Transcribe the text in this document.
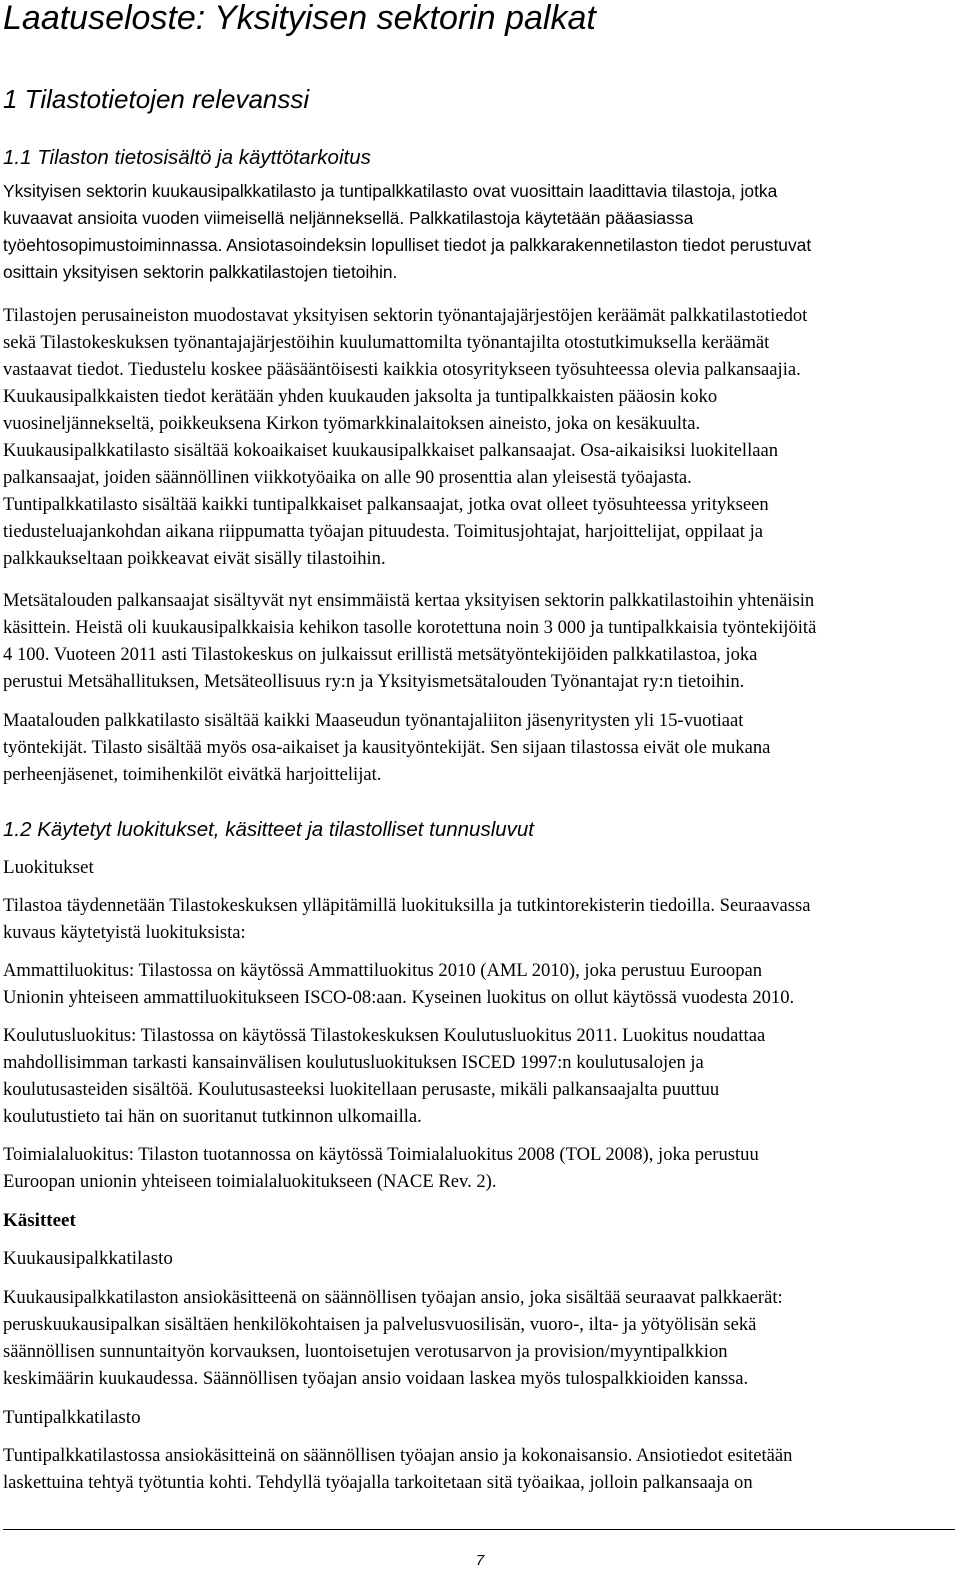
Laatuseloste: Yksityisen sektorin palkat
1 Tilastotietojen relevanssi
1.1 Tilaston tietosisältö ja käyttötarkoitus
Yksityisen sektorin kuukausipalkkatilasto ja tuntipalkkatilasto ovat vuosittain laadittavia tilastoja, jotka
kuvaavat ansioita vuoden viimeisellä neljänneksellä. Palkkatilastoja käytetään pääasiassa
työehtosopimustoiminnassa. Ansiotasoindeksin lopulliset tiedot ja palkkarakennetilaston tiedot perustuvat
osittain yksityisen sektorin palkkatilastojen tietoihin.
Tilastojen perusaineiston muodostavat yksityisen sektorin työnantajajärjestöjen keräämät palkkatilastotiedot
sekä Tilastokeskuksen työnantajajärjestöihin kuulumattomilta työnantajilta otostutkimuksella keräämät
vastaavat tiedot. Tiedustelu koskee pääsääntöisesti kaikkia otosyritykseen työsuhteessa olevia palkansaajia.
Kuukausipalkkaisten tiedot kerätään yhden kuukauden jaksolta ja tuntipalkkaisten pääosin koko
vuosineljännekseltä, poikkeuksena Kirkon työmarkkinalaitoksen aineisto, joka on kesäkuulta.
Kuukausipalkkatilasto sisältää kokoaikaiset kuukausipalkkaiset palkansaajat. Osa-aikaisiksi luokitellaan
palkansaajat, joiden säännöllinen viikkotyöaika on alle 90 prosenttia alan yleisestä työajasta.
Tuntipalkkatilasto sisältää kaikki tuntipalkkaiset palkansaajat, jotka ovat olleet työsuhteessa yritykseen
tiedusteluajankohdan aikana riippumatta työajan pituudesta. Toimitusjohtajat, harjoittelijat, oppilaat ja
palkkaukseltaan poikkeavat eivät sisälly tilastoihin.
Metsätalouden palkansaajat sisältyvät nyt ensimmäistä kertaa yksityisen sektorin palkkatilastoihin yhtenäisin
käsittein. Heistä oli kuukausipalkkaisia kehikon tasolle korotettuna noin 3 000 ja tuntipalkkaisia työntekijöitä
4 100. Vuoteen 2011 asti Tilastokeskus on julkaissut erillistä metsätyöntekijöiden palkkatilastoa, joka
perustui Metsähallituksen, Metsäteollisuus ry:n ja Yksityismetsätalouden Työnantajat ry:n tietoihin.
Maatalouden palkkatilasto sisältää kaikki Maaseudun työnantajaliiton jäsenyritysten yli 15-vuotiaat
työntekijät. Tilasto sisältää myös osa-aikaiset ja kausityöntekijät. Sen sijaan tilastossa eivät ole mukana
perheenjäsenet, toimihenkilöt eivätkä harjoittelijat.
1.2 Käytetyt luokitukset, käsitteet ja tilastolliset tunnusluvut
Luokitukset
Tilastoa täydennetään Tilastokeskuksen ylläpitämillä luokituksilla ja tutkintorekisterin tiedoilla. Seuraavassa
kuvaus käytetyistä luokituksista:
Ammattiluokitus: Tilastossa on käytössä Ammattiluokitus 2010 (AML 2010), joka perustuu Euroopan
Unionin yhteiseen ammattiluokitukseen ISCO-08:aan. Kyseinen luokitus on ollut käytössä vuodesta 2010.
Koulutusluokitus: Tilastossa on käytössä Tilastokeskuksen Koulutusluokitus 2011. Luokitus noudattaa
mahdollisimman tarkasti kansainvälisen koulutusluokituksen ISCED 1997:n koulutusalojen ja
koulutusasteiden sisältöä. Koulutusasteeksi luokitellaan perusaste, mikäli palkansaajalta puuttuu
koulutustieto tai hän on suoritanut tutkinnon ulkomailla.
Toimialaluokitus: Tilaston tuotannossa on käytössä Toimialaluokitus 2008 (TOL 2008), joka perustuu
Euroopan unionin yhteiseen toimialaluokitukseen (NACE Rev. 2).
Käsitteet
Kuukausipalkkatilasto
Kuukausipalkkatilaston ansiokäsitteenä on säännöllisen työajan ansio, joka sisältää seuraavat palkkaerät:
peruskuukausipalkan sisältäen henkilökohtaisen ja palvelusvuosilisän, vuoro-, ilta- ja yötyölisän sekä
säännöllisen sunnuntaityön korvauksen, luontoisetujen verotusarvon ja provision/myyntipalkkion
keskimäärin kuukaudessa. Säännöllisen työajan ansio voidaan laskea myös tulospalkkioiden kanssa.
Tuntipalkkatilasto
Tuntipalkkatilastossa ansiokäsitteinä on säännöllisen työajan ansio ja kokonaisansio. Ansiotiedot esitetään
laskettuina tehtyä työtuntia kohti. Tehdyllä työajalla tarkoitetaan sitä työaikaa, jolloin palkansaaja on
7
